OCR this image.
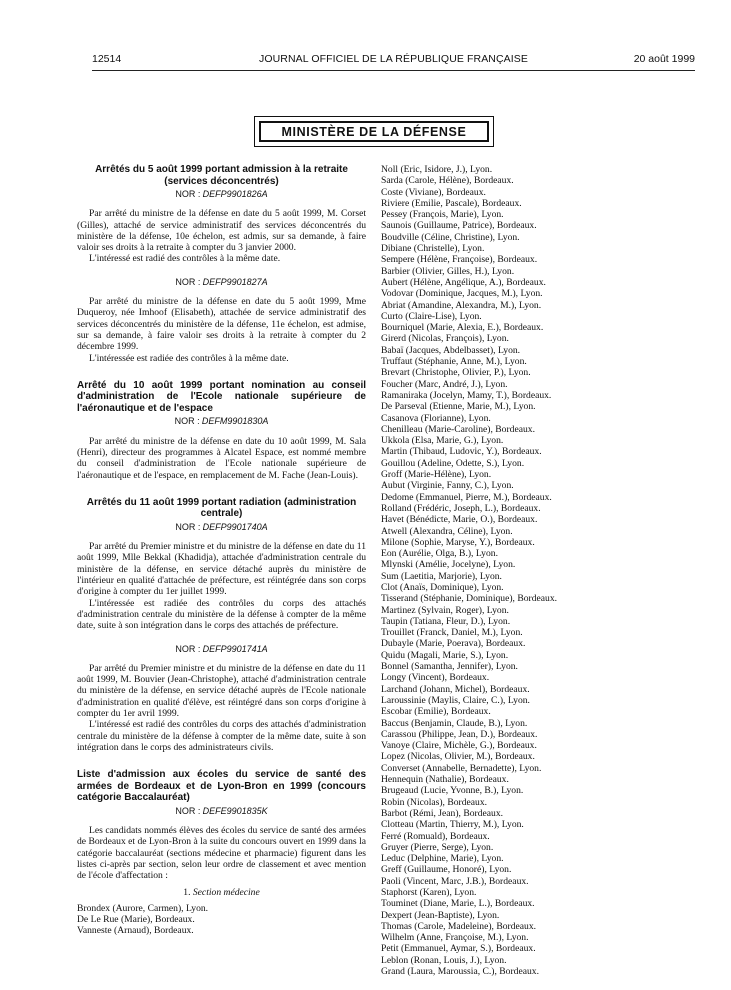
12514	JOURNAL OFFICIEL DE LA RÉPUBLIQUE FRANÇAISE	20 août 1999
MINISTÈRE DE LA DÉFENSE

Arrêtés du 5 août 1999 portant admission à la retraite (services déconcentrés)

NOR : DEFP9901826A

Par arrêté du ministre de la défense en date du 5 août 1999, M. Corset (Gilles), attaché de service administratif des services déconcentrés du ministère de la défense, 10e échelon, est admis, sur sa demande, à faire valoir ses droits à la retraite à compter du 3 janvier 2000.

L'intéressé est radié des contrôles à la même date.

NOR : DEFP9901827A

Par arrêté du ministre de la défense en date du 5 août 1999, Mme Duqueroy, née Imhoof (Elisabeth), attachée de service administratif des services déconcentrés du ministère de la défense, 11e échelon, est admise, sur sa demande, à faire valoir ses droits à la retraite à compter du 2 décembre 1999.

L'intéressée est radiée des contrôles à la même date.

Arrêté du 10 août 1999 portant nomination au conseil d'administration de l'Ecole nationale supérieure de l'aéronautique et de l'espace

NOR : DEFM9901830A

Par arrêté du ministre de la défense en date du 10 août 1999, M. Sala (Henri), directeur des programmes à Alcatel Espace, est nommé membre du conseil d'administration de l'Ecole nationale supérieure de l'aéronautique et de l'espace, en remplacement de M. Fache (Jean-Louis).

Arrêtés du 11 août 1999 portant radiation (administration centrale)

NOR : DEFP9901740A

Par arrêté du Premier ministre et du ministre de la défense en date du 11 août 1999, Mlle Bekkal (Khadidja), attachée d'administration centrale du ministère de la défense, en service détaché auprès du ministère de l'intérieur en qualité d'attachée de préfecture, est réintégrée dans son corps d'origine à compter du 1er juillet 1999.

L'intéressée est radiée des contrôles du corps des attachés d'administration centrale du ministère de la défense à compter de la même date, suite à son intégration dans le corps des attachés de préfecture.

NOR : DEFP9901741A

Par arrêté du Premier ministre et du ministre de la défense en date du 11 août 1999, M. Bouvier (Jean-Christophe), attaché d'administration centrale du ministère de la défense, en service détaché auprès de l'Ecole nationale d'administration en qualité d'élève, est réintégré dans son corps d'origine à compter du 1er avril 1999.

L'intéressé est radié des contrôles du corps des attachés d'administration centrale du ministère de la défense à compter de la même date, suite à son intégration dans le corps des administrateurs civils.

Liste d'admission aux écoles du service de santé des armées de Bordeaux et de Lyon-Bron en 1999 (concours catégorie Baccalauréat)

NOR : DEFE9901835K

Les candidats nommés élèves des écoles du service de santé des armées de Bordeaux et de Lyon-Bron à la suite du concours ouvert en 1999 dans la catégorie baccalauréat (sections médecine et pharmacie) figurent dans les listes ci-après par section, selon leur ordre de classement et avec mention de l'école d'affectation :

1. Section médecine
Brondex (Aurore, Carmen), Lyon.
De Le Rue (Marie), Bordeaux.
Vanneste (Arnaud), Bordeaux.
Noll (Eric, Isidore, J.), Lyon.
Sarda (Carole, Hélène), Bordeaux.
Coste (Viviane), Bordeaux.
Riviere (Emilie, Pascale), Bordeaux.
Pessey (François, Marie), Lyon.
Saunois (Guillaume, Patrice), Bordeaux.
Boudville (Céline, Christine), Lyon.
Dibiane (Christelle), Lyon.
Sempere (Hélène, Françoise), Bordeaux.
Barbier (Olivier, Gilles, H.), Lyon.
Aubert (Hélène, Angélique, A.), Bordeaux.
Vodovar (Dominique, Jacques, M.), Lyon.
Abriat (Amandine, Alexandra, M.), Lyon.
Curto (Claire-Lise), Lyon.
Bourniquel (Marie, Alexia, E.), Bordeaux.
Girerd (Nicolas, François), Lyon.
Babaï (Jacques, Abdelbasset), Lyon.
Truffaut (Stéphanie, Anne, M.), Lyon.
Brevart (Christophe, Olivier, P.), Lyon.
Foucher (Marc, André, J.), Lyon.
Ramaniraka (Jocelyn, Mamy, T.), Bordeaux.
De Parseval (Etienne, Marie, M.), Lyon.
Casanova (Florianne), Lyon.
Chenilleau (Marie-Caroline), Bordeaux.
Ukkola (Elsa, Marie, G.), Lyon.
Martin (Thibaud, Ludovic, Y.), Bordeaux.
Gouillou (Adeline, Odette, S.), Lyon.
Groff (Marie-Hélène), Lyon.
Aubut (Virginie, Fanny, C.), Lyon.
Dedome (Emmanuel, Pierre, M.), Bordeaux.
Rolland (Frédéric, Joseph, L.), Bordeaux.
Havet (Bénédicte, Marie, O.), Bordeaux.
Atwell (Alexandra, Céline), Lyon.
Milone (Sophie, Maryse, Y.), Bordeaux.
Eon (Aurélie, Olga, B.), Lyon.
Mlynski (Amélie, Jocelyne), Lyon.
Sum (Laetitia, Marjorie), Lyon.
Clot (Anaïs, Dominique), Lyon.
Tisserand (Stéphanie, Dominique), Bordeaux.
Martinez (Sylvain, Roger), Lyon.
Taupin (Tatiana, Fleur, D.), Lyon.
Trouillet (Franck, Daniel, M.), Lyon.
Dubayle (Marie, Poerava), Bordeaux.
Quidu (Magali, Marie, S.), Lyon.
Bonnel (Samantha, Jennifer), Lyon.
Longy (Vincent), Bordeaux.
Larchand (Johann, Michel), Bordeaux.
Laroussinie (Maylis, Claire, C.), Lyon.
Escobar (Emilie), Bordeaux.
Baccus (Benjamin, Claude, B.), Lyon.
Carassou (Philippe, Jean, D.), Bordeaux.
Vanoye (Claire, Michèle, G.), Bordeaux.
Lopez (Nicolas, Olivier, M.), Bordeaux.
Converset (Annabelle, Bernadette), Lyon.
Hennequin (Nathalie), Bordeaux.
Brugeaud (Lucie, Yvonne, B.), Lyon.
Robin (Nicolas), Bordeaux.
Barbot (Rémi, Jean), Bordeaux.
Clotteau (Martin, Thierry, M.), Lyon.
Ferré (Romuald), Bordeaux.
Gruyer (Pierre, Serge), Lyon.
Leduc (Delphine, Marie), Lyon.
Greff (Guillaume, Honoré), Lyon.
Paoli (Vincent, Marc, J.B.), Bordeaux.
Staphorst (Karen), Lyon.
Touminet (Diane, Marie, L.), Bordeaux.
Dexpert (Jean-Baptiste), Lyon.
Thomas (Carole, Madeleine), Bordeaux.
Wilhelm (Anne, Françoise, M.), Lyon.
Petit (Emmanuel, Aymar, S.), Bordeaux.
Leblon (Ronan, Louis, J.), Lyon.
Grand (Laura, Maroussia, C.), Bordeaux.
